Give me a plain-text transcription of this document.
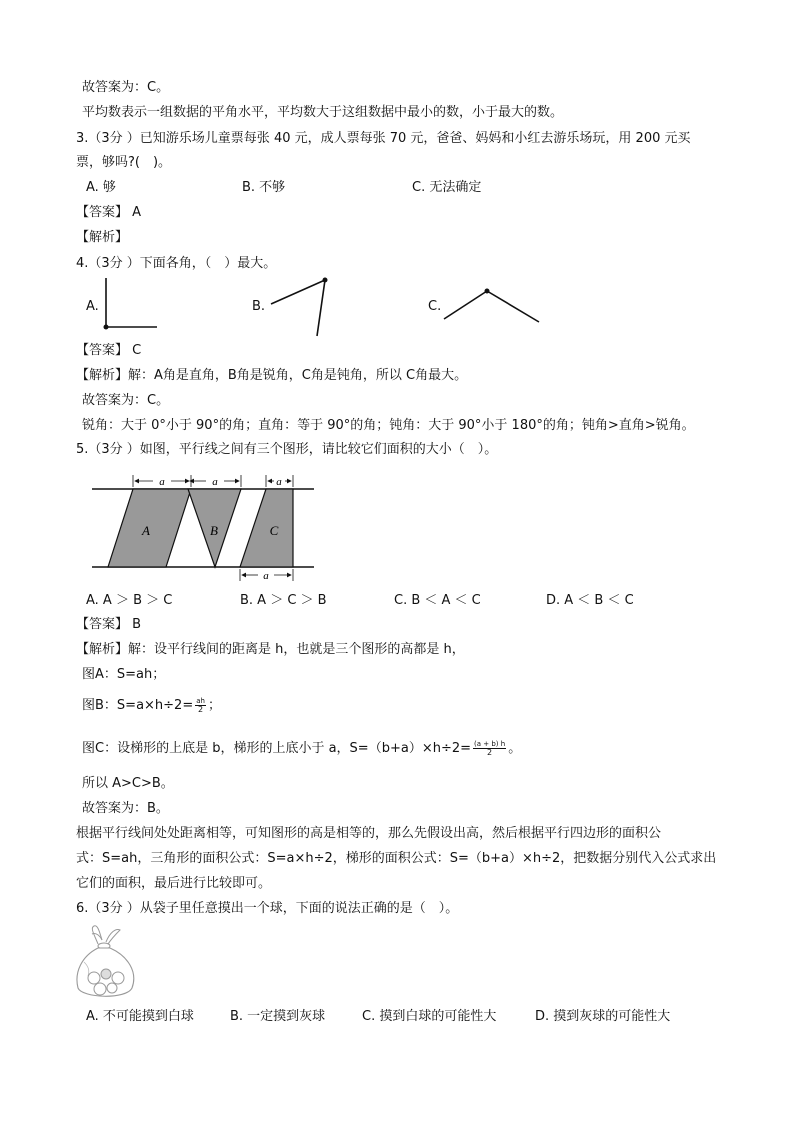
故答案为：C。
平均数表示一组数据的平角水平，平均数大于这组数据中最小的数，小于最大的数。
3.（3分 ）已知游乐场儿童票每张 40 元，成人票每张 70 元，爸爸、妈妈和小红去游乐场玩，用 200 元买
票，够吗?(　)。
A. 够	B. 不够	C. 无法确定
【答案】 A
【解析】
4.（3分 ）下面各角，（　）最大。
A.	B.	C.
【答案】 C
【解析】解：A角是直角，B角是锐角，C角是钝角，所以 C角最大。
故答案为：C。
锐角：大于 0°小于 90°的角；直角：等于 90°的角；钝角：大于 90°小于 180°的角；钝角>直角>锐角。
5.（3分 ）如图，平行线之间有三个图形，请比较它们面积的大小（　）。
A	B	C
a	a	a
a
A. A ＞ B ＞ C	B. A ＞ C ＞ B	C. B ＜ A ＜ C	D. A ＜ B ＜ C
【答案】 B
【解析】解：设平行线间的距离是 h，也就是三个图形的高都是 h，
图A：S=ah；
图B：$S=a\times h\div 2= \frac{ah}{2}$ ；
图C：设梯形的上底是 b，梯形的上底小于 a，$S=(b+a)\times h\div 2= \frac{(a + b) h}{2}$ 。
所以 A>C>B。
故答案为：B。
根据平行线间处处距离相等，可知图形的高是相等的，那么先假设出高，然后根据平行四边形的面积公
式：S=ah，三角形的面积公式：S=a×h÷2，梯形的面积公式：S=（b+a）×h÷2，把数据分别代入公式求出
它们的面积，最后进行比较即可。
6.（3分 ）从袋子里任意摸出一个球，下面的说法正确的是（　）。
A. 不可能摸到白球	B. 一定摸到灰球	C. 摸到白球的可能性大	D. 摸到灰球的可能性大
